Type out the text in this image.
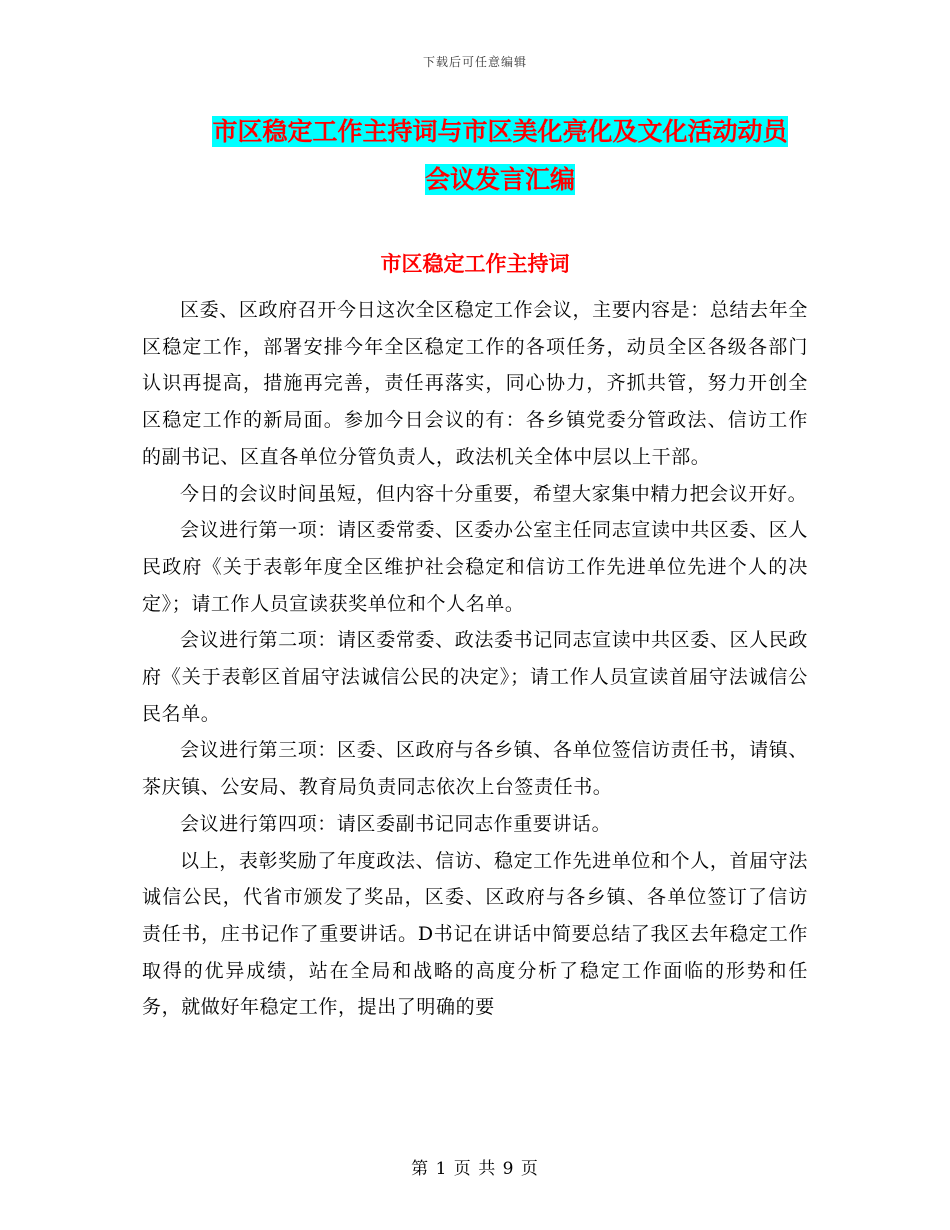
下载后可任意编辑
市区稳定工作主持词与市区美化亮化及文化活动动员
会议发言汇编
市区稳定工作主持词

区委、区政府召开今日这次全区稳定工作会议，主要内容是：总结去年全区稳定工作，部署安排今年全区稳定工作的各项任务，动员全区各级各部门认识再提高，措施再完善，责任再落实，同心协力，齐抓共管，努力开创全区稳定工作的新局面。参加今日会议的有：各乡镇党委分管政法、信访工作的副书记、区直各单位分管负责人，政法机关全体中层以上干部。

今日的会议时间虽短，但内容十分重要，希望大家集中精力把会议开好。

会议进行第一项：请区委常委、区委办公室主任同志宣读中共区委、区人民政府《关于表彰年度全区维护社会稳定和信访工作先进单位先进个人的决定》；请工作人员宣读获奖单位和个人名单。

会议进行第二项：请区委常委、政法委书记同志宣读中共区委、区人民政府《关于表彰区首届守法诚信公民的决定》；请工作人员宣读首届守法诚信公民名单。

会议进行第三项：区委、区政府与各乡镇、各单位签信访责任书，请镇、茶庆镇、公安局、教育局负责同志依次上台签责任书。

会议进行第四项：请区委副书记同志作重要讲话。

以上，表彰奖励了年度政法、信访、稳定工作先进单位和个人，首届守法诚信公民，代省市颁发了奖品，区委、区政府与各乡镇、各单位签订了信访责任书，庄书记作了重要讲话。D书记在讲话中简要总结了我区去年稳定工作取得的优异成绩，站在全局和战略的高度分析了稳定工作面临的形势和任务，就做好年稳定工作，提出了明确的要

第 1 页 共 9 页
